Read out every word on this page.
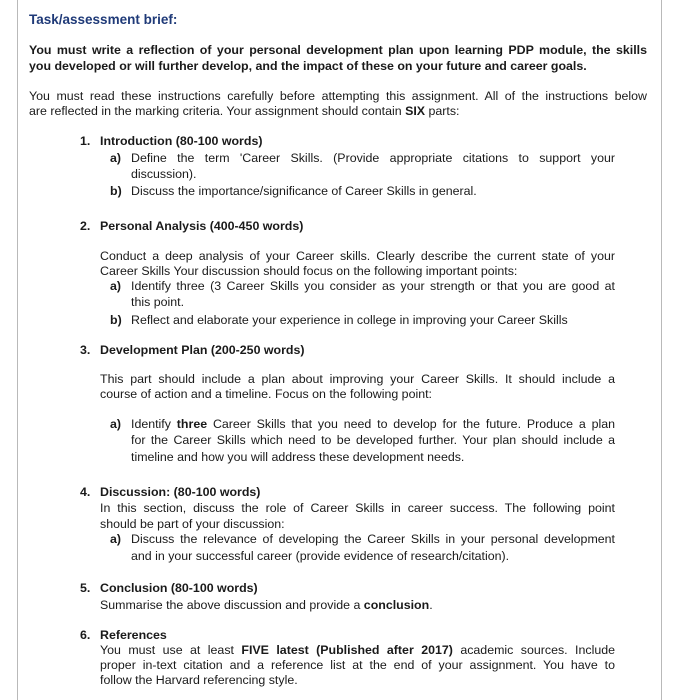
Task/assessment brief:
You must write a reflection of your personal development plan upon learning PDP module, the skills
you developed or will further develop, and the impact of these on your future and career goals.
You must read these instructions carefully before attempting this assignment. All of the instructions below
are reflected in the marking criteria. Your assignment should contain SIX parts:
1. Introduction (80-100 words)
a) Define the term 'Career Skills. (Provide appropriate citations to support your
discussion).
b) Discuss the importance/significance of Career Skills in general.
2. Personal Analysis (400-450 words)
Conduct a deep analysis of your Career skills. Clearly describe the current state of your
Career Skills Your discussion should focus on the following important points:
a) Identify three (3 Career Skills you consider as your strength or that you are good at
this point.
b) Reflect and elaborate your experience in college in improving your Career Skills
3. Development Plan (200-250 words)
This part should include a plan about improving your Career Skills. It should include a
course of action and a timeline. Focus on the following point:
a) Identify three Career Skills that you need to develop for the future. Produce a plan
for the Career Skills which need to be developed further. Your plan should include a
timeline and how you will address these development needs.
4. Discussion: (80-100 words)
In this section, discuss the role of Career Skills in career success. The following point
should be part of your discussion:
a) Discuss the relevance of developing the Career Skills in your personal development
and in your successful career (provide evidence of research/citation).
5. Conclusion (80-100 words)
Summarise the above discussion and provide a conclusion.
6. References
You must use at least FIVE latest (Published after 2017) academic sources. Include
proper in-text citation and a reference list at the end of your assignment. You have to
follow the Harvard referencing style.
